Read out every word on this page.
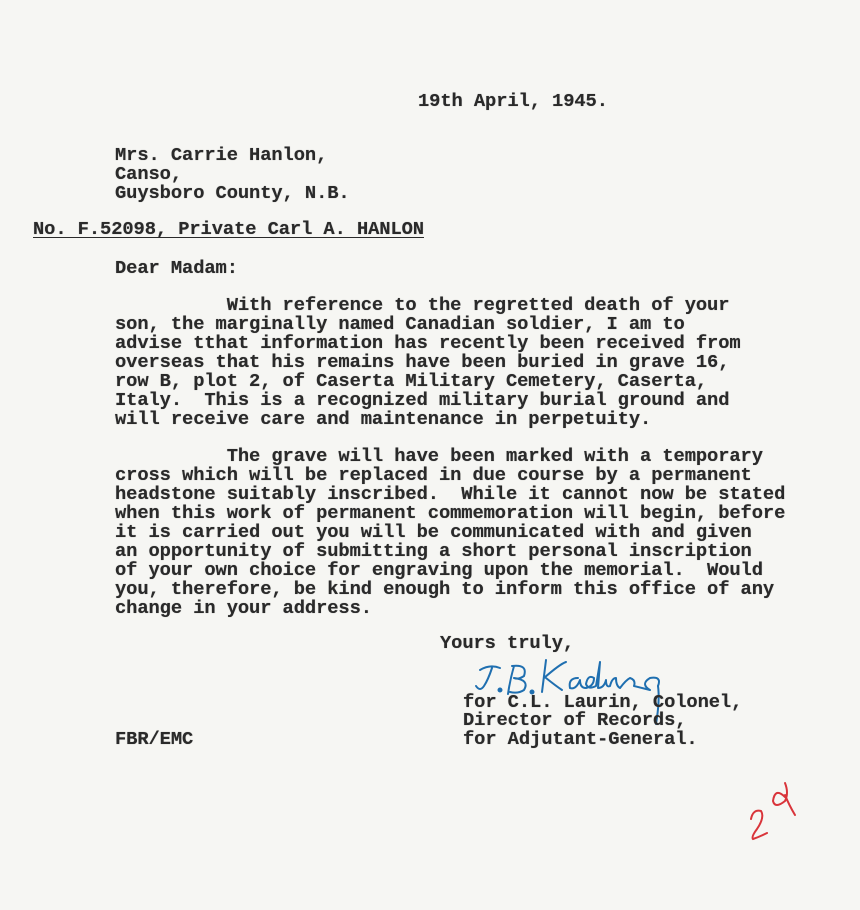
19th April, 1945.
Mrs. Carrie Hanlon,
Canso,
Guysboro County, N.B.
No. F.52098, Private Carl A. HANLON
Dear Madam:
With reference to the regretted death of your
son, the marginally named Canadian soldier, I am to
advise tthat information has recently been received from
overseas that his remains have been buried in grave 16,
row B, plot 2, of Caserta Military Cemetery, Caserta,
Italy.  This is a recognized military burial ground and
will receive care and maintenance in perpetuity.
The grave will have been marked with a temporary
cross which will be replaced in due course by a permanent
headstone suitably inscribed.  While it cannot now be stated
when this work of permanent commemoration will begin, before
it is carried out you will be communicated with and given
an opportunity of submitting a short personal inscription
of your own choice for engraving upon the memorial.  Would
you, therefore, be kind enough to inform this office of any
change in your address.
Yours truly,
for C.L. Laurin, Colonel,
Director of Records,
for Adjutant-General.
FBR/EMC
